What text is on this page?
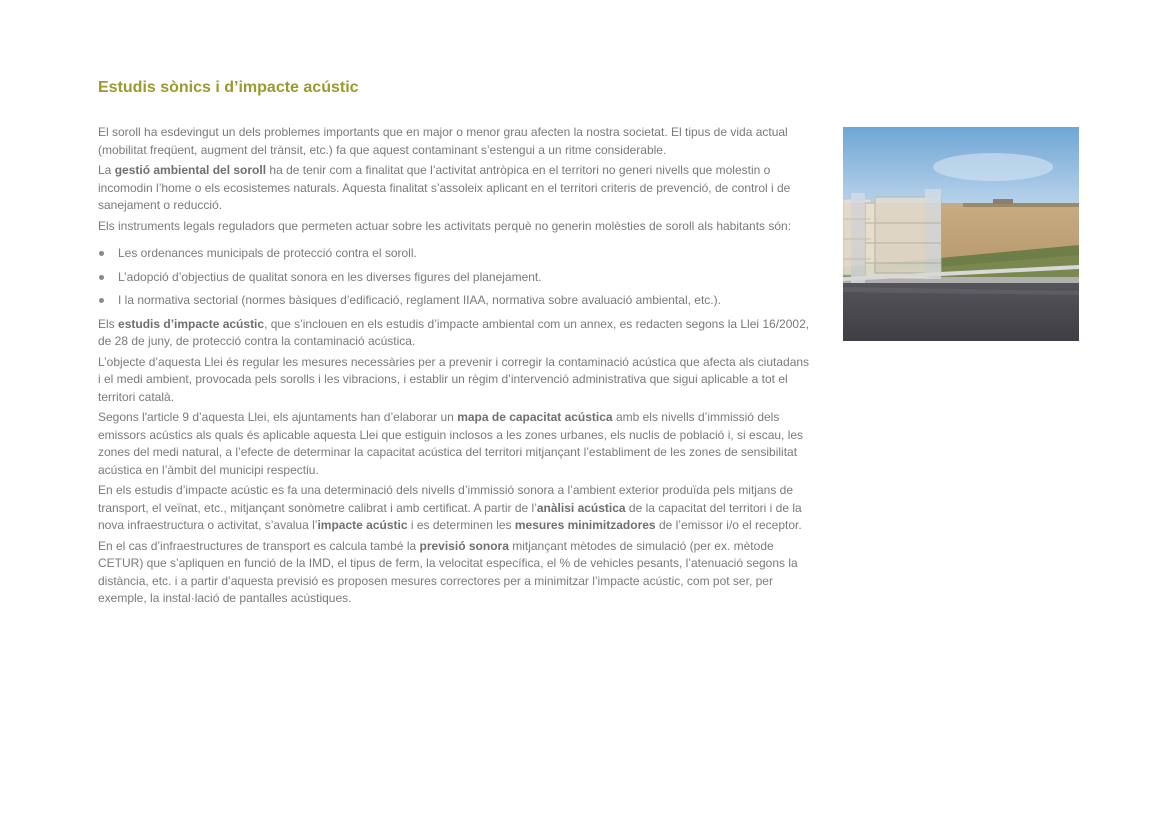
Estudis sònics i d’impacte acústic

El soroll ha esdevingut un dels problemes importants que en major o menor grau afecten la nostra societat. El tipus de vida actual (mobilitat freqüent, augment del trànsit, etc.) fa que aquest contaminant s’estengui a un ritme considerable.

La gestió ambiental del soroll ha de tenir com a finalitat que l’activitat antròpica en el territori no generi nivells que molestin o incomodin l’home o els ecosistemes naturals. Aquesta finalitat s’assoleix aplicant en el territori criteris de prevenció, de control i de sanejament o reducció.

Els instruments legals reguladors que permeten actuar sobre les activitats perquè no generin molèsties de soroll als habitants són:

Les ordenances municipals de protecció contra el soroll.
L’adopció d’objectius de qualitat sonora en les diverses figures del planejament.
I la normativa sectorial (normes bàsiques d’edificació, reglament IIAA, normativa sobre avaluació ambiental, etc.).

Els estudis d’impacte acústic, que s’inclouen en els estudis d’impacte ambiental com un annex, es redacten segons la Llei 16/2002, de 28 de juny, de protecció contra la contaminació acústica.

L’objecte d’aquesta Llei és regular les mesures necessàries per a prevenir i corregir la contaminació acústica que afecta als ciutadans i el medi ambient, provocada pels sorolls i les vibracions, i establir un règim d’intervenció administrativa que sigui aplicable a tot el territori català.

Segons l'article 9 d’aquesta Llei, els ajuntaments han d’elaborar un mapa de capacitat acústica amb els nivells d’immissió dels emissors acústics als quals és aplicable aquesta Llei que estiguin inclosos a les zones urbanes, els nuclis de població i, si escau, les zones del medi natural, a l’efecte de determinar la capacitat acústica del territori mitjançant l’establiment de les zones de sensibilitat acústica en l’àmbit del municipi respectiu.

En els estudis d’impacte acústic es fa una determinació dels nivells d’immissió sonora a l’ambient exterior produïda pels mitjans de transport, el veïnat, etc., mitjançant sonòmetre calibrat i amb certificat. A partir de l’anàlisi acústica de la capacitat del territori i de la nova infraestructura o activitat, s’avalua l’impacte acústic i es determinen les mesures minimitzadores de l’emissor i/o el receptor.

En el cas d’infraestructures de transport es calcula també la previsió sonora mitjançant mètodes de simulació (per ex. mètode CETUR) que s’apliquen en funció de la IMD, el tipus de ferm, la velocitat específica, el % de vehicles pesants, l’atenuació segons la distància, etc. i a partir d’aquesta previsió es proposen mesures correctores per a minimitzar l’impacte acústic, com pot ser, per exemple, la instal·lació de pantalles acústiques.
